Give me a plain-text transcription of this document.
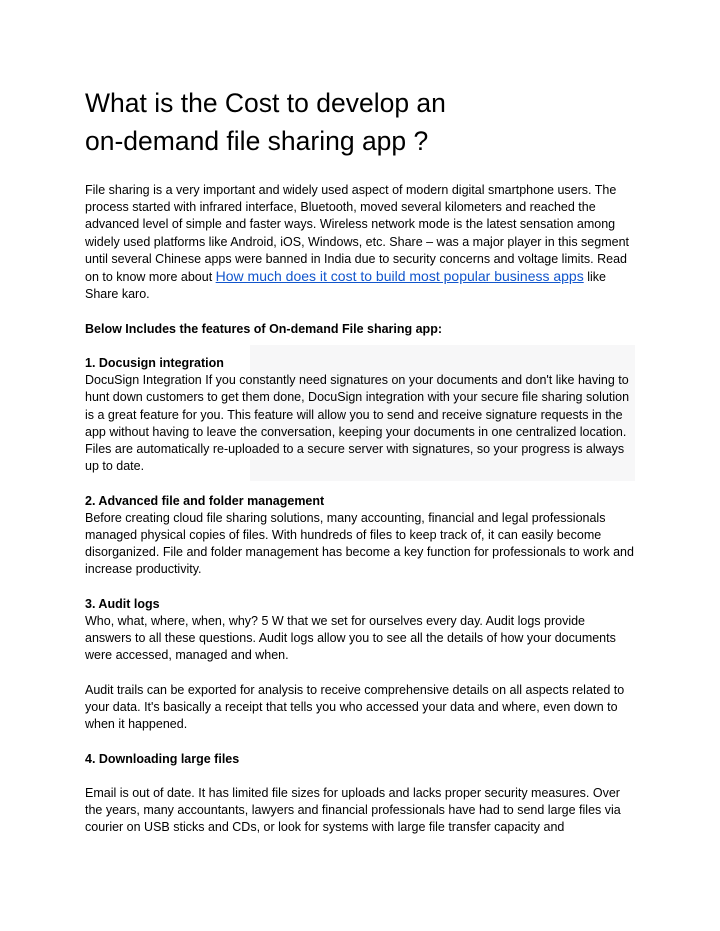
What is the Cost to develop an
on-demand file sharing app ?

File sharing is a very important and widely used aspect of modern digital smartphone users. The process started with infrared interface, Bluetooth, moved several kilometers and reached the advanced level of simple and faster ways. Wireless network mode is the latest sensation among widely used platforms like Android, iOS, Windows, etc. Share – was a major player in this segment until several Chinese apps were banned in India due to security concerns and voltage limits. Read on to know more about How much does it cost to build most popular business apps like Share karo.

Below Includes the features of On-demand File sharing app:

1. Docusign integration

DocuSign Integration If you constantly need signatures on your documents and don't like having to hunt down customers to get them done, DocuSign integration with your secure file sharing solution is a great feature for you. This feature will allow you to send and receive signature requests in the app without having to leave the conversation, keeping your documents in one centralized location. Files are automatically re-uploaded to a secure server with signatures, so your progress is always up to date.

2. Advanced file and folder management

Before creating cloud file sharing solutions, many accounting, financial and legal professionals managed physical copies of files. With hundreds of files to keep track of, it can easily become disorganized. File and folder management has become a key function for professionals to work and increase productivity.

3. Audit logs

Who, what, where, when, why? 5 W that we set for ourselves every day. Audit logs provide answers to all these questions. Audit logs allow you to see all the details of how your documents were accessed, managed and when.

Audit trails can be exported for analysis to receive comprehensive details on all aspects related to your data. It's basically a receipt that tells you who accessed your data and where, even down to when it happened.

4. Downloading large files

Email is out of date. It has limited file sizes for uploads and lacks proper security measures. Over the years, many accountants, lawyers and financial professionals have had to send large files via courier on USB sticks and CDs, or look for systems with large file transfer capacity and
